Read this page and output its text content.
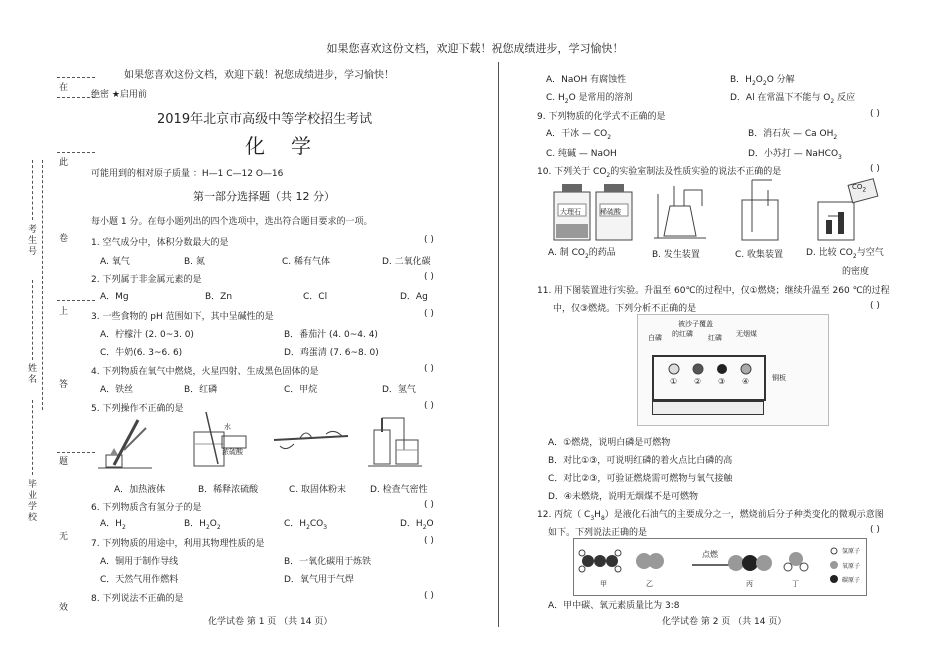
如果您喜欢这份文档，欢迎下载！祝您成绩进步，学习愉快！
在
此
卷
上
答
题
无
效
考 生 号
姓 名
毕 业 学 校
如果您喜欢这份文档，欢迎下载！祝您成绩进步，学习愉快！
绝密 ★启用前
2019年北京市高级中等学校招生考试
化学
可能用到的相对原子质量 ：H—1 C—12 O—16
第一部分选择题（共 12 分）
每小题 1 分。在每小题列出的四个选项中，选出符合题目要求的一项。
1. 空气成分中，体积分数最大的是	( )
A. 氧气	B. 氮	C. 稀有气体	D. 二氧化碳
2. 下列属于非金属元素的是	( )
A．Mg	B．Zn	C．Cl	D．Ag
3. 一些食物的 pH 范围如下，其中呈碱性的是	( )
A．柠檬汁 (2. 0~3. 0)	B．番茄汁 (4. 0~4. 4)
C．牛奶(6. 3~6. 6)	D．鸡蛋清 (7. 6~8. 0)
4. 下列物质在氧气中燃烧，火星四射、生成黑色固体的是	( )
A．铁丝	B．红磷	C．甲烷	D．氢气
5. 下列操作不正确的是	( )
水
浓硫酸
A．加热液体	B．稀释浓硫酸	C. 取固体粉末	D. 检查气密性
6. 下列物质含有氢分子的是	( )
A．$H_2$	B．$H_2O_2$	C．$H_2CO_3$	D．$H_2O$
7. 下列物质的用途中，利用其物理性质的是	( )
A．铜用于制作导线	B．一氧化碳用于炼铁
C．天然气用作燃料	D．氧气用于气焊
8. 下列说法不正确的是	( )
化学试卷 第 1 页 （共 14 页）
A．NaOH 有腐蚀性	B．$H_2O_2O$ 分解
C. $H_2O$ 是常用的溶剂	D．Al 在常温下不能与 $O_2$ 反应
9. 下列物质的化学式不正确的是	( )
A．干冰 — $CO_2$	B．消石灰 — Ca $OH_2$
C. 纯碱 — NaOH	D．小苏打 — NaHCO$_3$
10. 下列关于 $CO_2$的实验室制法及性质实验的说法不正确的是	( )
大理石	稀硫酸
CO2
A. 制 $CO_2$的药品	B. 发生装置	C. 收集装置	D. 比较 $CO_2$与空气
的密度
11. 用下图装置进行实验。升温至 60℃的过程中，仅①燃烧；继续升温至 260 ℃的过程
中，仅③燃烧。下列分析不正确的是	( )
白磷
被沙子覆盖
的红磷 红磷 无烟煤
① ② ③ ④	铜板
A．①燃烧，说明白磷是可燃物
B．对比①③，可说明红磷的着火点比白磷的高
C．对比②③，可验证燃烧需可燃物与氧气接触
D．④未燃烧，说明无烟煤不是可燃物
12. 丙烷（ $C_3H_8$）是液化石油气的主要成分之一，燃烧前后分子种类变化的微观示意图
如下。下列说法正确的是	( )
甲	乙
点燃
丙	丁
氢原子
氧原子
碳原子
A．甲中碳、氧元素质量比为 3:8
化学试卷 第 2 页 （共 14 页）
